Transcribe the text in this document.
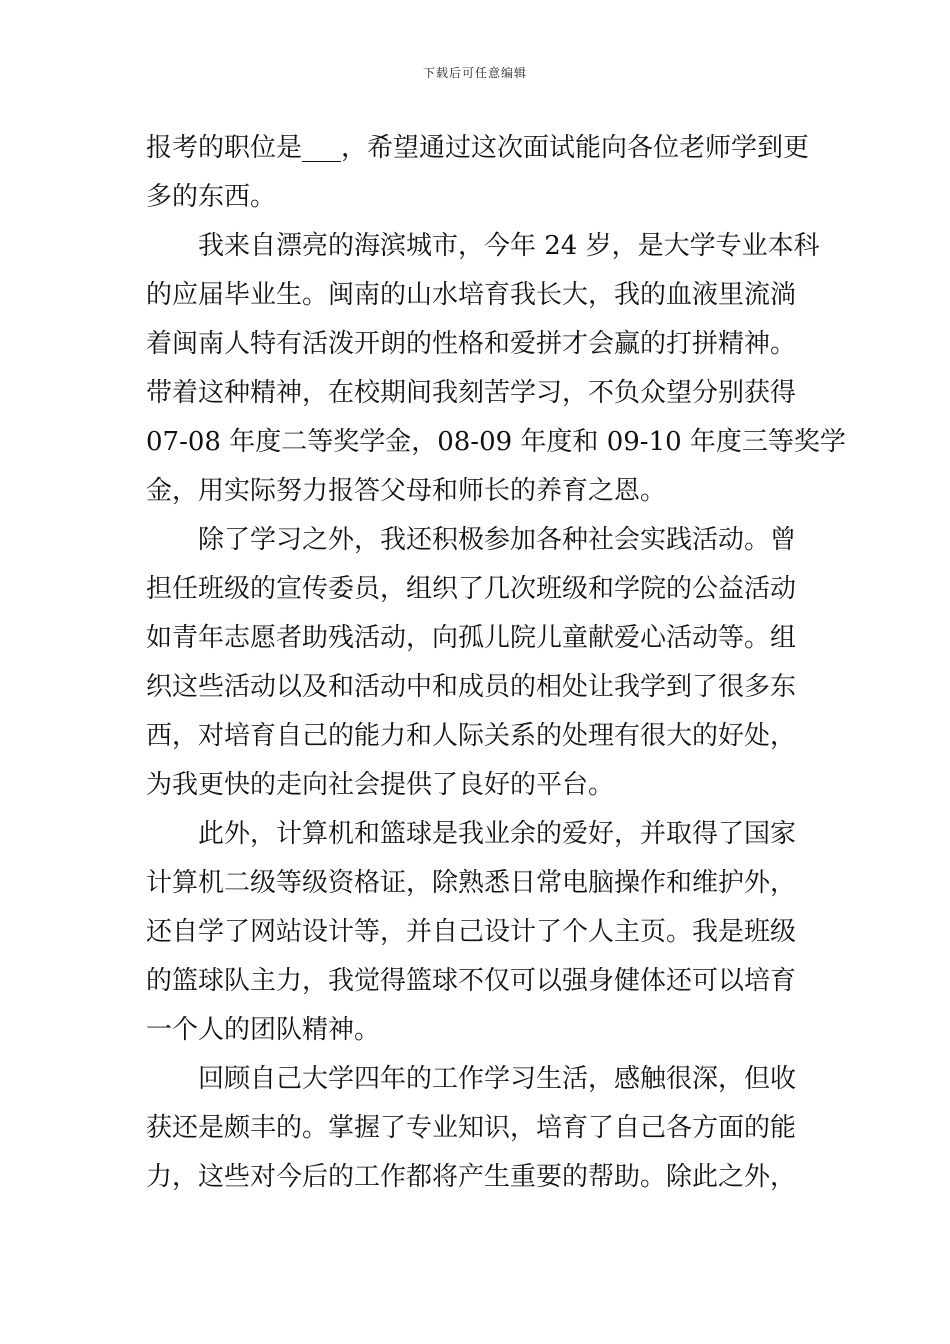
下载后可任意编辑
报考的职位是___，希望通过这次面试能向各位老师学到更
多的东西。
我来自漂亮的海滨城市，今年 24 岁，是大学专业本科
的应届毕业生。闽南的山水培育我长大，我的血液里流淌
着闽南人特有活泼开朗的性格和爱拼才会赢的打拼精神。
带着这种精神，在校期间我刻苦学习，不负众望分别获得
07-08 年度二等奖学金，08-09 年度和 09-10 年度三等奖学
金，用实际努力报答父母和师长的养育之恩。
除了学习之外，我还积极参加各种社会实践活动。曾
担任班级的宣传委员，组织了几次班级和学院的公益活动
如青年志愿者助残活动，向孤儿院儿童献爱心活动等。组
织这些活动以及和活动中和成员的相处让我学到了很多东
西，对培育自己的能力和人际关系的处理有很大的好处，
为我更快的走向社会提供了良好的平台。
此外，计算机和篮球是我业余的爱好，并取得了国家
计算机二级等级资格证，除熟悉日常电脑操作和维护外，
还自学了网站设计等，并自己设计了个人主页。我是班级
的篮球队主力，我觉得篮球不仅可以强身健体还可以培育
一个人的团队精神。
回顾自己大学四年的工作学习生活，感触很深，但收
获还是颇丰的。掌握了专业知识，培育了自己各方面的能
力，这些对今后的工作都将产生重要的帮助。除此之外，
